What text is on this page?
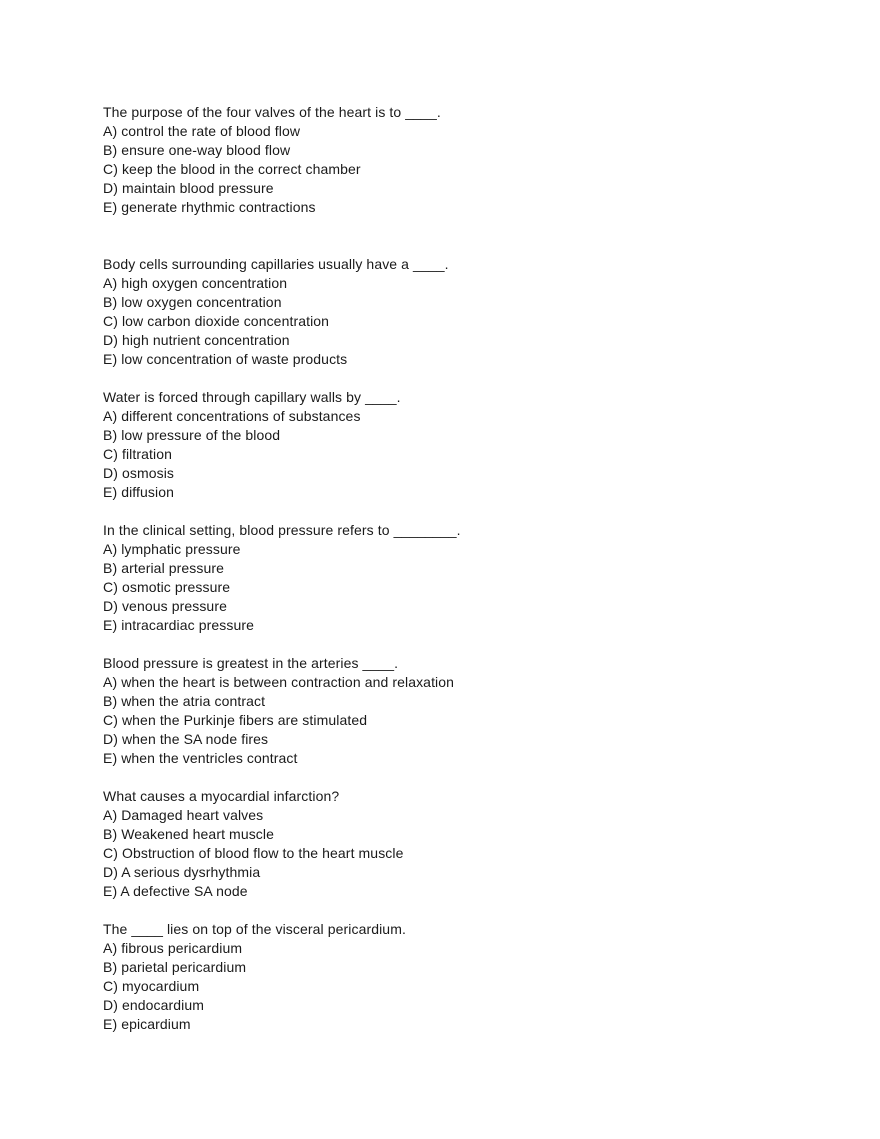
The purpose of the four valves of the heart is to ____.

A) control the rate of blood flow

B) ensure one-way blood flow

C) keep the blood in the correct chamber

D) maintain blood pressure

E) generate rhythmic contractions

Body cells surrounding capillaries usually have a ____.

A) high oxygen concentration

B) low oxygen concentration

C) low carbon dioxide concentration

D) high nutrient concentration

E) low concentration of waste products

Water is forced through capillary walls by ____.

A) different concentrations of substances

B) low pressure of the blood

C) filtration

D) osmosis

E) diffusion

In the clinical setting, blood pressure refers to ________.

A) lymphatic pressure

B) arterial pressure

C) osmotic pressure

D) venous pressure

E) intracardiac pressure

Blood pressure is greatest in the arteries ____.

A) when the heart is between contraction and relaxation

B) when the atria contract

C) when the Purkinje fibers are stimulated

D) when the SA node fires

E) when the ventricles contract

What causes a myocardial infarction?

A) Damaged heart valves

B) Weakened heart muscle

C) Obstruction of blood flow to the heart muscle

D) A serious dysrhythmia

E) A defective SA node

The ____ lies on top of the visceral pericardium.

A) fibrous pericardium

B) parietal pericardium

C) myocardium

D) endocardium

E) epicardium
